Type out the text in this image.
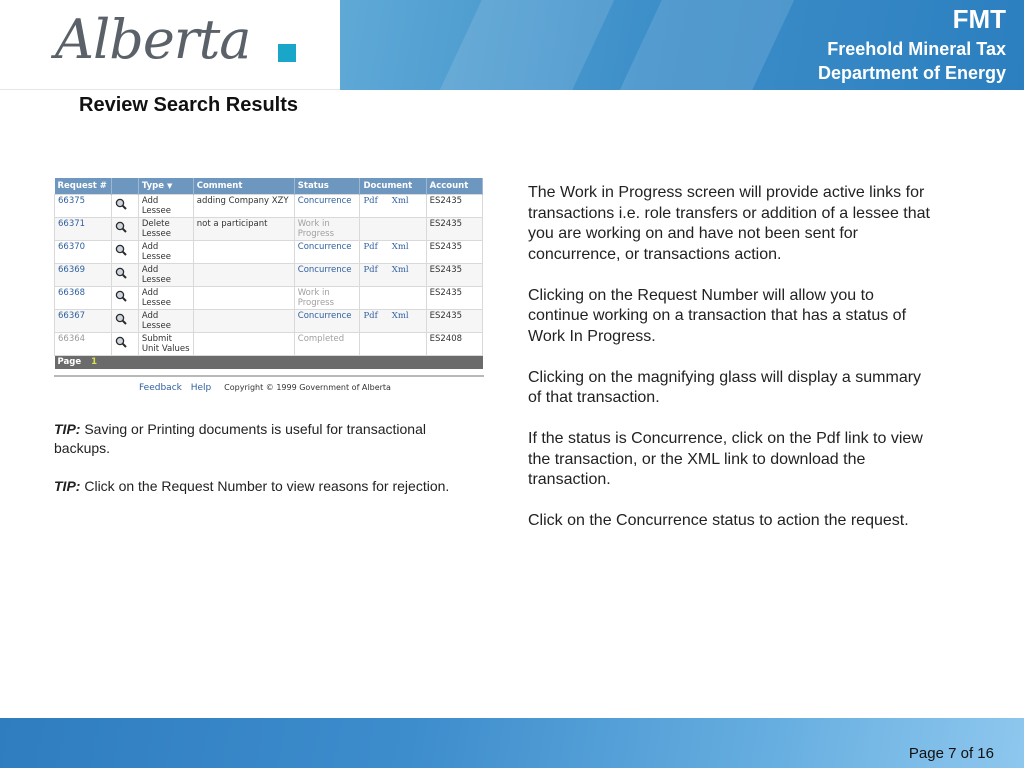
Alberta	FMT
Freehold Mineral Tax
Department of Energy
Review Search Results
Request #		Type ▼	Comment	Status	Document	Account
66375		Add Lessee	adding Company XZY	Concurrence	Pdf Xml	ES2435
66371		Delete Lessee	not a participant	Work in Progress		ES2435
66370		Add Lessee		Concurrence	Pdf Xml	ES2435
66369		Add Lessee		Concurrence	Pdf Xml	ES2435
66368		Add Lessee		Work in Progress		ES2435
66367		Add Lessee		Concurrence	Pdf Xml	ES2435
66364		Submit Unit Values		Completed		ES2408
Page 1						
Feedback Help Copyright © 1999 Government of Alberta
TIP: Saving or Printing documents is useful for transactional backups.
TIP: Click on the Request Number to view reasons for rejection.

The Work in Progress screen will provide active links for transactions i.e. role transfers or addition of a lessee that you are working on and have not been sent for concurrence, or transactions action.

Clicking on the Request Number will allow you to continue working on a transaction that has a status of Work In Progress.

Clicking on the magnifying glass will display a summary of that transaction.

If the status is Concurrence, click on the Pdf link to view the transaction, or the XML link to download the transaction.

Click on the Concurrence status to action the request.

Page 7 of 16
